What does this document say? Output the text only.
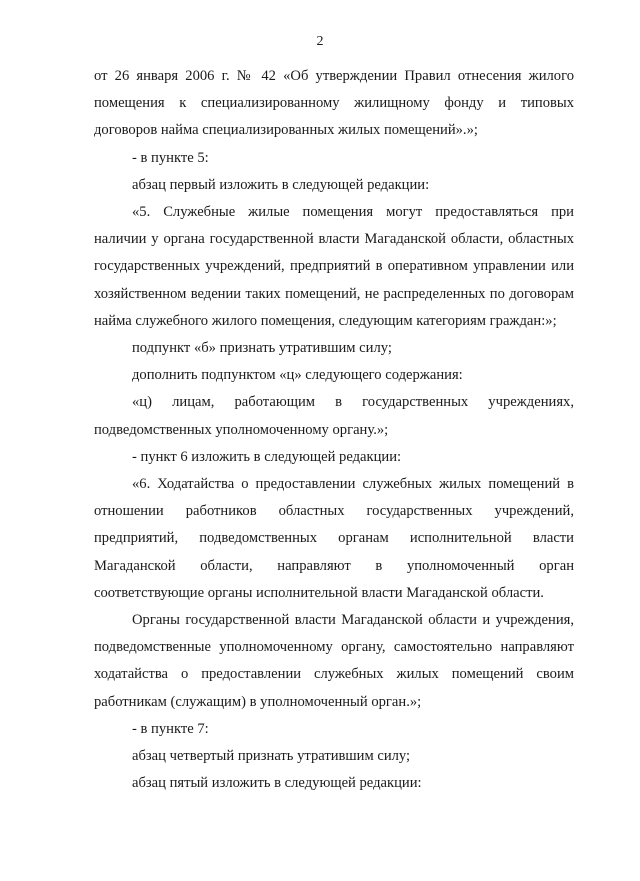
2

от 26 января 2006 г. № 42 «Об утверждении Правил отнесения жилого помещения к специализированному жилищному фонду и типовых договоров найма специализированных жилых помещений».»;

- в пункте 5:

абзац первый изложить в следующей редакции:

«5. Служебные жилые помещения могут предоставляться при наличии у органа государственной власти Магаданской области, областных государственных учреждений, предприятий в оперативном управлении или хозяйственном ведении таких помещений, не распределенных по договорам найма служебного жилого помещения, следующим категориям граждан:»;

подпункт «б» признать утратившим силу;

дополнить подпунктом «ц» следующего содержания:

«ц) лицам, работающим в государственных учреждениях, подведомственных уполномоченному органу.»;

- пункт 6 изложить в следующей редакции:

«6. Ходатайства о предоставлении служебных жилых помещений в отношении работников областных государственных учреждений, предприятий, подведомственных органам исполнительной власти Магаданской области, направляют в уполномоченный орган соответствующие органы исполнительной власти Магаданской области.

Органы государственной власти Магаданской области и учреждения, подведомственные уполномоченному органу, самостоятельно направляют ходатайства о предоставлении служебных жилых помещений своим работникам (служащим) в уполномоченный орган.»;

- в пункте 7:

абзац четвертый признать утратившим силу;

абзац пятый изложить в следующей редакции:
